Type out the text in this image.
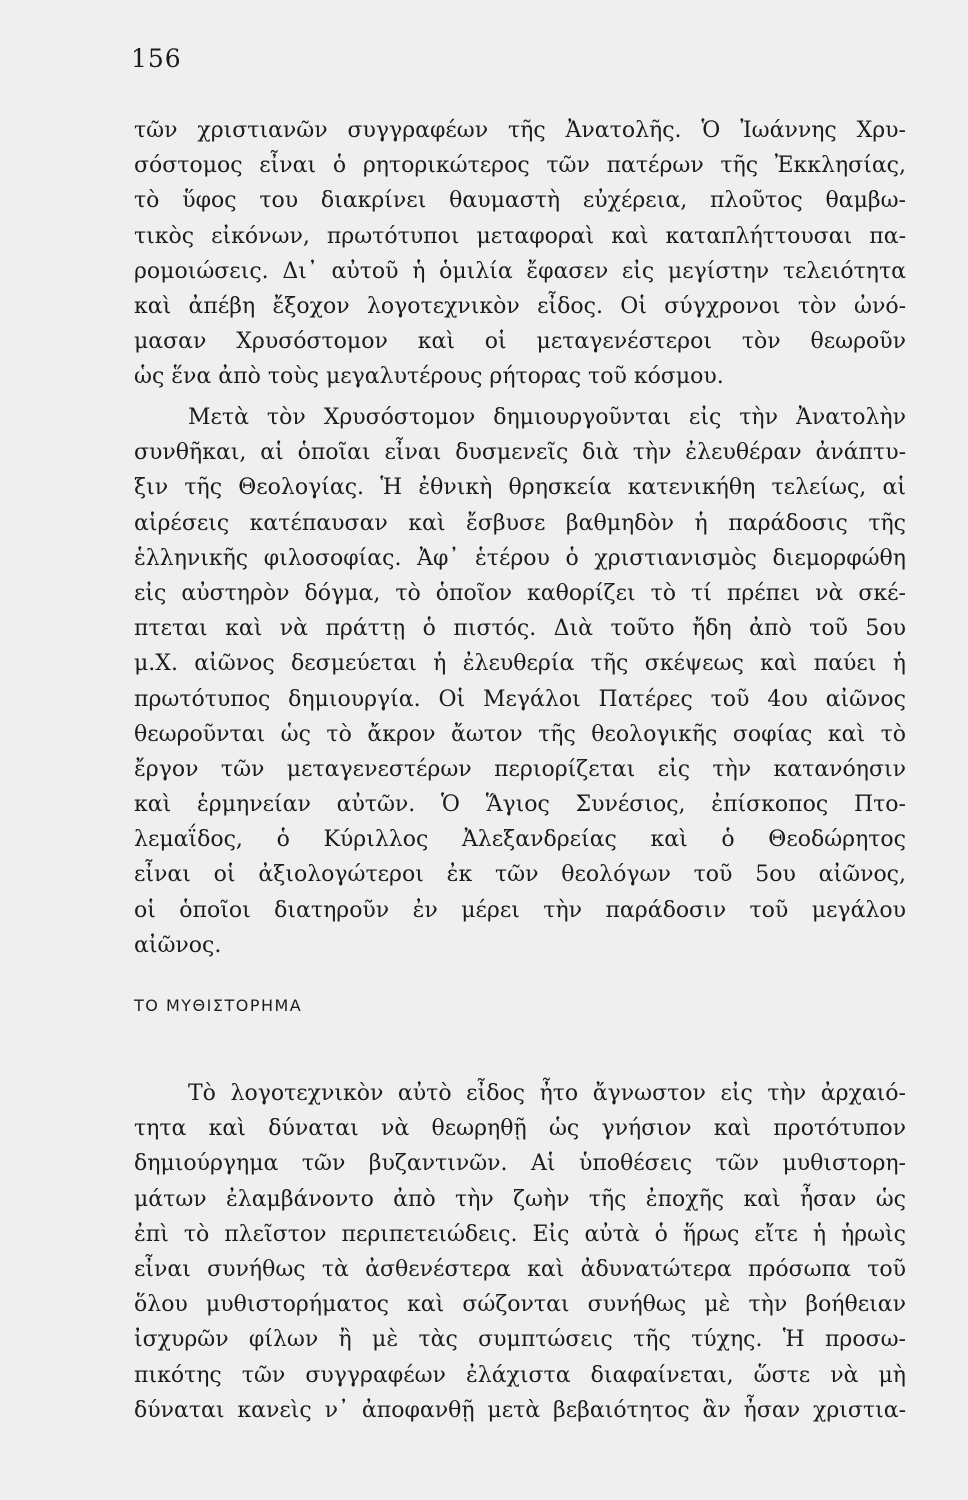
156
τῶν χριστιανῶν συγγραφέων τῆς Ἀνατολῆς. Ὁ Ἰωάννης Χρυ-
σόστομος εἶναι ὁ ρητορικώτερος τῶν πατέρων τῆς Ἐκκλησίας,
τὸ ὕφος του διακρίνει θαυμαστὴ εὐχέρεια, πλοῦτος θαμβω-
τικὸς εἰκόνων, πρωτότυποι μεταφοραὶ καὶ καταπλήττουσαι πα-
ρομοιώσεις. Δι᾽ αὐτοῦ ἡ ὁμιλία ἔφασεν εἰς μεγίστην τελειότητα
καὶ ἀπέβη ἔξοχον λογοτεχνικὸν εἶδος. Οἱ σύγχρονοι τὸν ὠνό-
μασαν Χρυσόστομον καὶ οἱ μεταγενέστεροι τὸν θεωροῦν
ὡς ἕνα ἀπὸ τοὺς μεγαλυτέρους ρήτορας τοῦ κόσμου.
Μετὰ τὸν Χρυσόστομον δημιουργοῦνται εἰς τὴν Ἀνατολὴν
συνθῆκαι, αἱ ὁποῖαι εἶναι δυσμενεῖς διὰ τὴν ἐλευθέραν ἀνάπτυ-
ξιν τῆς Θεολογίας. Ἡ ἐθνικὴ θρησκεία κατενικήθη τελείως, αἱ
αἱρέσεις κατέπαυσαν καὶ ἔσβυσε βαθμηδὸν ἡ παράδοσις τῆς
ἑλληνικῆς φιλοσοφίας. Ἀφ᾽ ἑτέρου ὁ χριστιανισμὸς διεμορφώθη
εἰς αὐστηρὸν δόγμα, τὸ ὁποῖον καθορίζει τὸ τί πρέπει νὰ σκέ-
πτεται καὶ νὰ πράττῃ ὁ πιστός. Διὰ τοῦτο ἤδη ἀπὸ τοῦ 5ου
μ.Χ. αἰῶνος δεσμεύεται ἡ ἐλευθερία τῆς σκέψεως καὶ παύει ἡ
πρωτότυπος δημιουργία. Οἱ Μεγάλοι Πατέρες τοῦ 4ου αἰῶνος
θεωροῦνται ὡς τὸ ἄκρον ἄωτον τῆς θεολογικῆς σοφίας καὶ τὸ
ἔργον τῶν μεταγενεστέρων περιορίζεται εἰς τὴν κατανόησιν
καὶ ἑρμηνείαν αὐτῶν. Ὁ Ἅγιος Συνέσιος, ἐπίσκοπος Πτο-
λεμαΐδος, ὁ Κύριλλος Ἀλεξανδρείας καὶ ὁ Θεοδώρητος
εἶναι οἱ ἀξιολογώτεροι ἐκ τῶν θεολόγων τοῦ 5ου αἰῶνος,
οἱ ὁποῖοι διατηροῦν ἐν μέρει τὴν παράδοσιν τοῦ μεγάλου
αἰῶνος.
ΤΟ ΜΥΘΙΣΤΟΡΗΜΑ
Τὸ λογοτεχνικὸν αὐτὸ εἶδος ἦτο ἄγνωστον εἰς τὴν ἀρχαιό-
τητα καὶ δύναται νὰ θεωρηθῇ ὡς γνήσιον καὶ προτότυπον
δημιούργημα τῶν βυζαντινῶν. Αἱ ὑποθέσεις τῶν μυθιστορη-
μάτων ἐλαμβάνοντο ἀπὸ τὴν ζωὴν τῆς ἐποχῆς καὶ ἦσαν ὡς
ἐπὶ τὸ πλεῖστον περιπετειώδεις. Εἰς αὐτὰ ὁ ἥρως εἴτε ἡ ἡρωὶς
εἶναι συνήθως τὰ ἀσθενέστερα καὶ ἀδυνατώτερα πρόσωπα τοῦ
ὅλου μυθιστορήματος καὶ σώζονται συνήθως μὲ τὴν βοήθειαν
ἰσχυρῶν φίλων ἢ μὲ τὰς συμπτώσεις τῆς τύχης. Ἡ προσω-
πικότης τῶν συγγραφέων ἐλάχιστα διαφαίνεται, ὥστε νὰ μὴ
δύναται κανεὶς ν᾽ ἀποφανθῇ μετὰ βεβαιότητος ἂν ἦσαν χριστια-
